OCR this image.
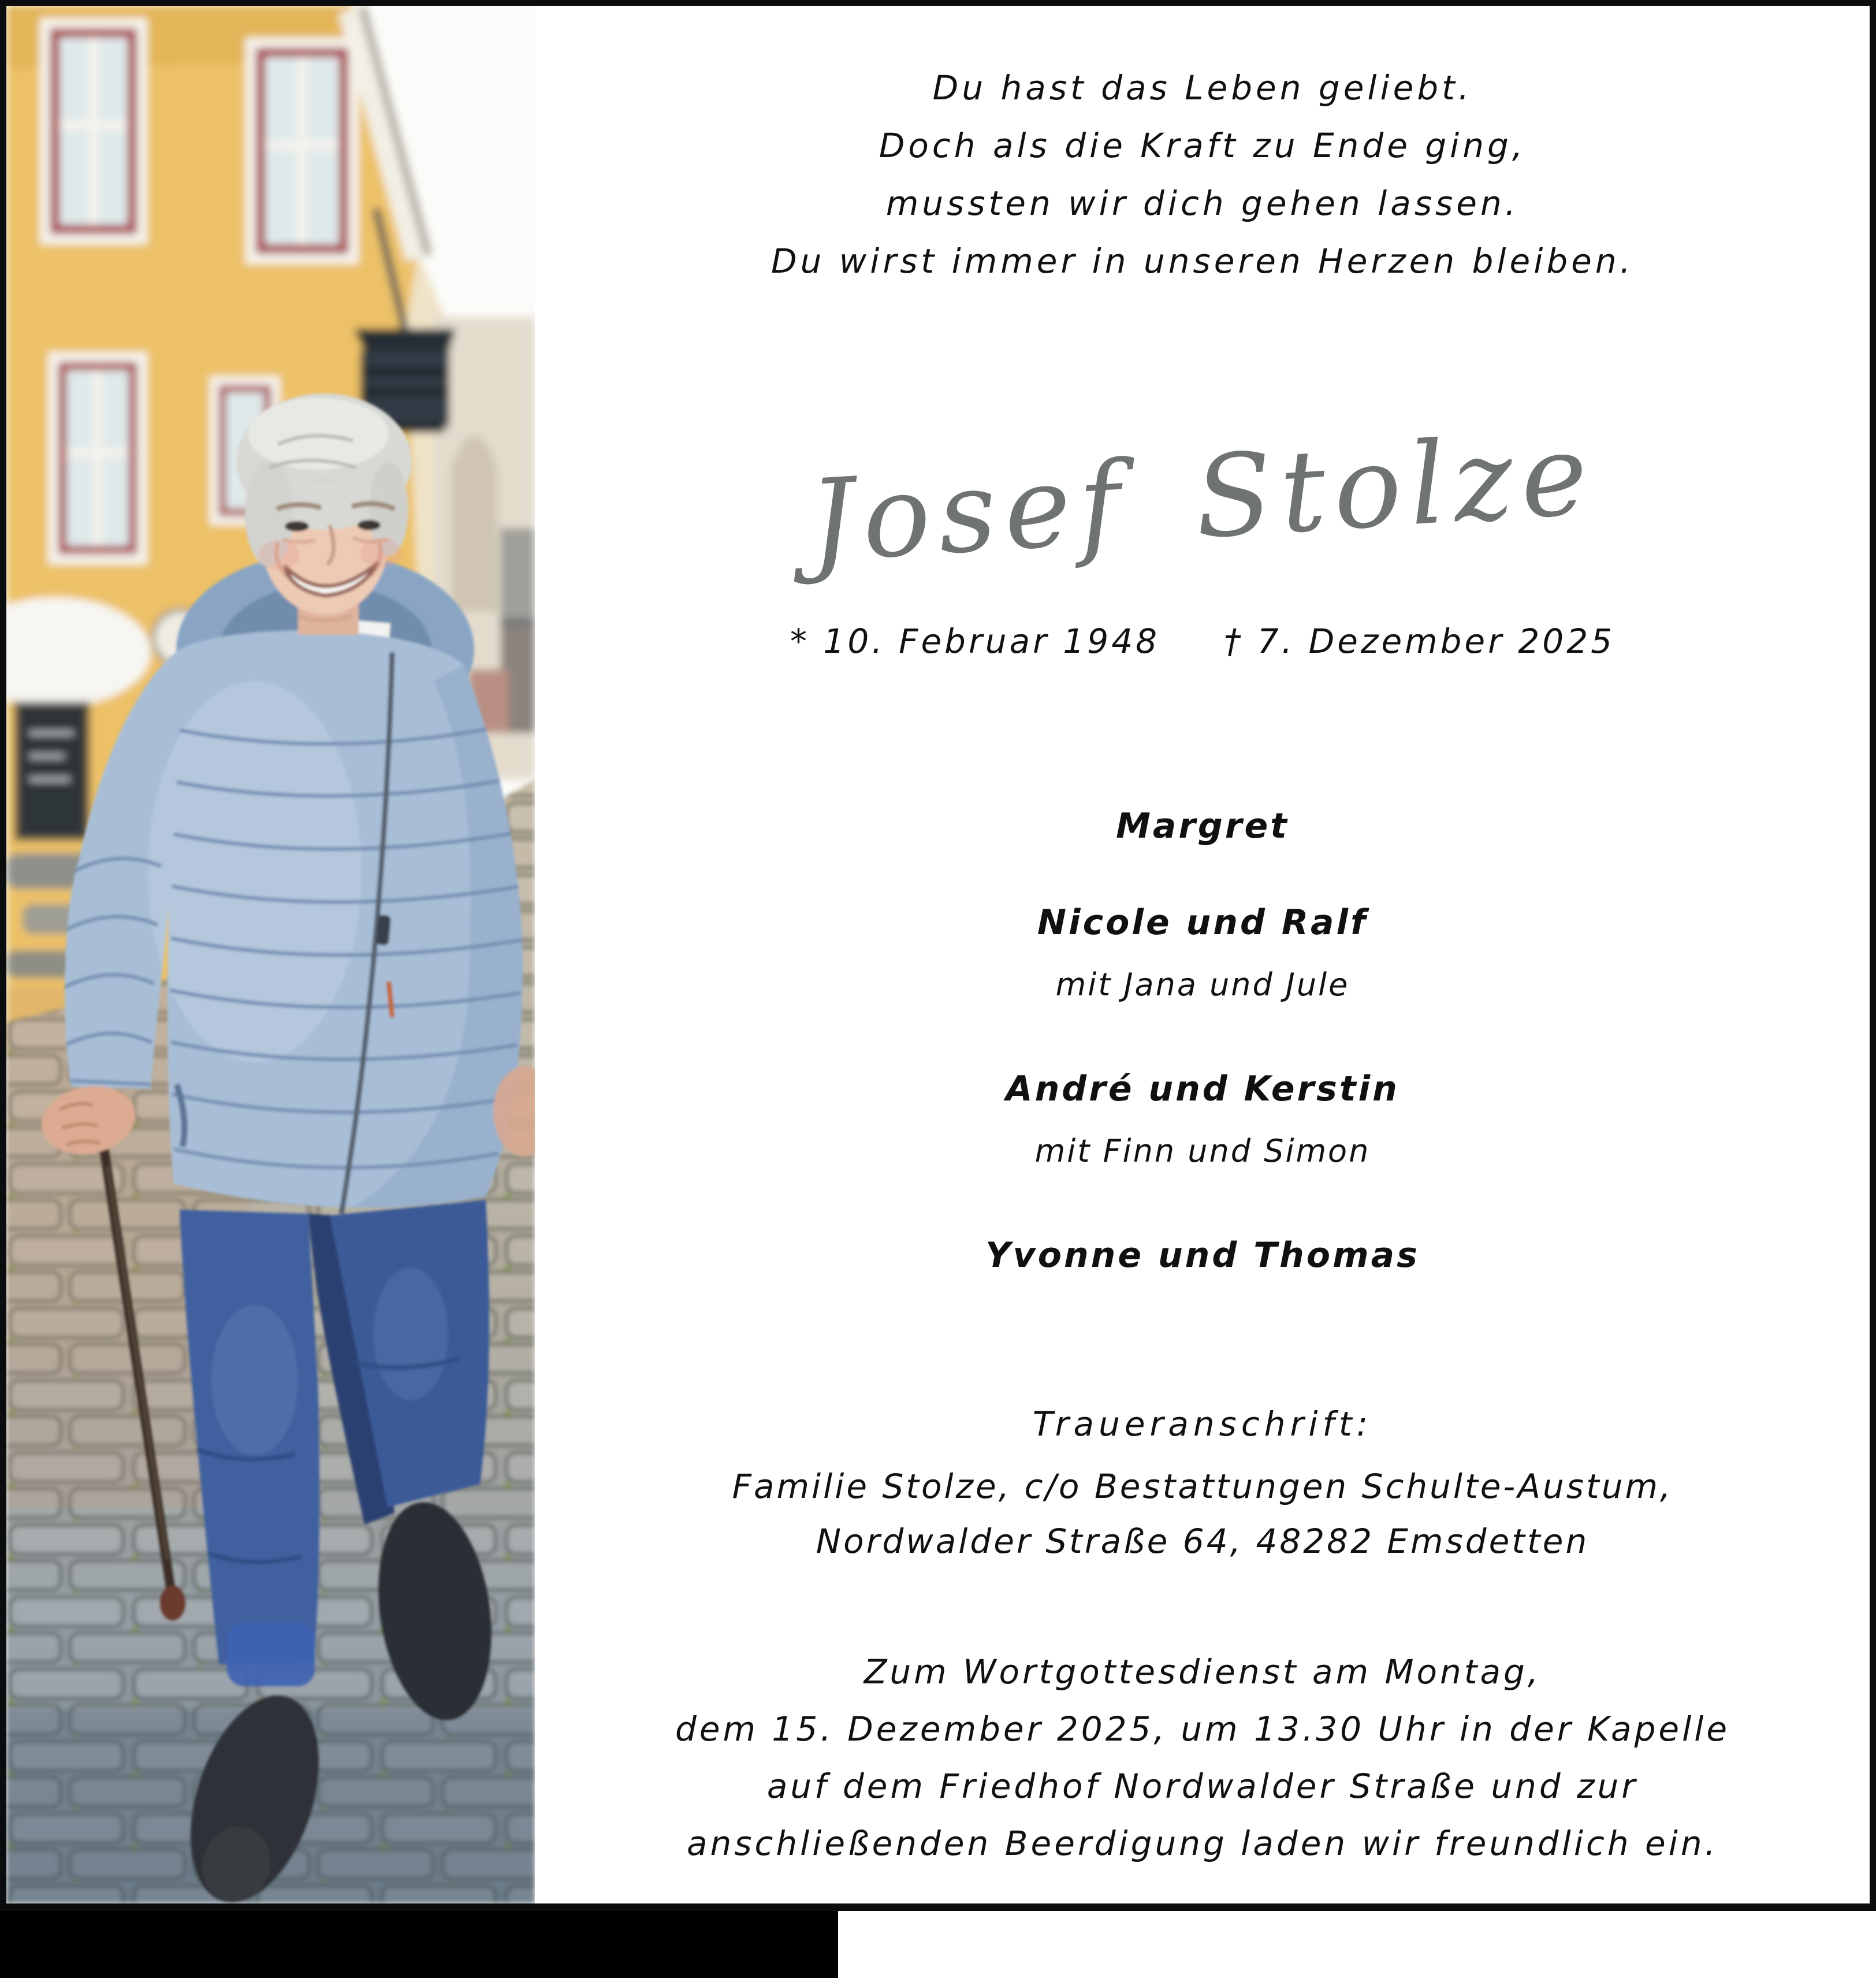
Du hast das Leben geliebt.
Doch als die Kraft zu Ende ging,
mussten wir dich gehen lassen.
Du wirst immer in unseren Herzen bleiben.
Josef Stolze
* 10. Februar 1948 † 7. Dezember 2025
Margret
Nicole und Ralf
mit Jana und Jule
André und Kerstin
mit Finn und Simon
Yvonne und Thomas
Traueranschrift:
Familie Stolze, c/o Bestattungen Schulte-Austum,
Nordwalder Straße 64, 48282 Emsdetten
Zum Wortgottesdienst am Montag,
dem 15. Dezember 2025, um 13.30 Uhr in der Kapelle
auf dem Friedhof Nordwalder Straße und zur
anschließenden Beerdigung laden wir freundlich ein.
